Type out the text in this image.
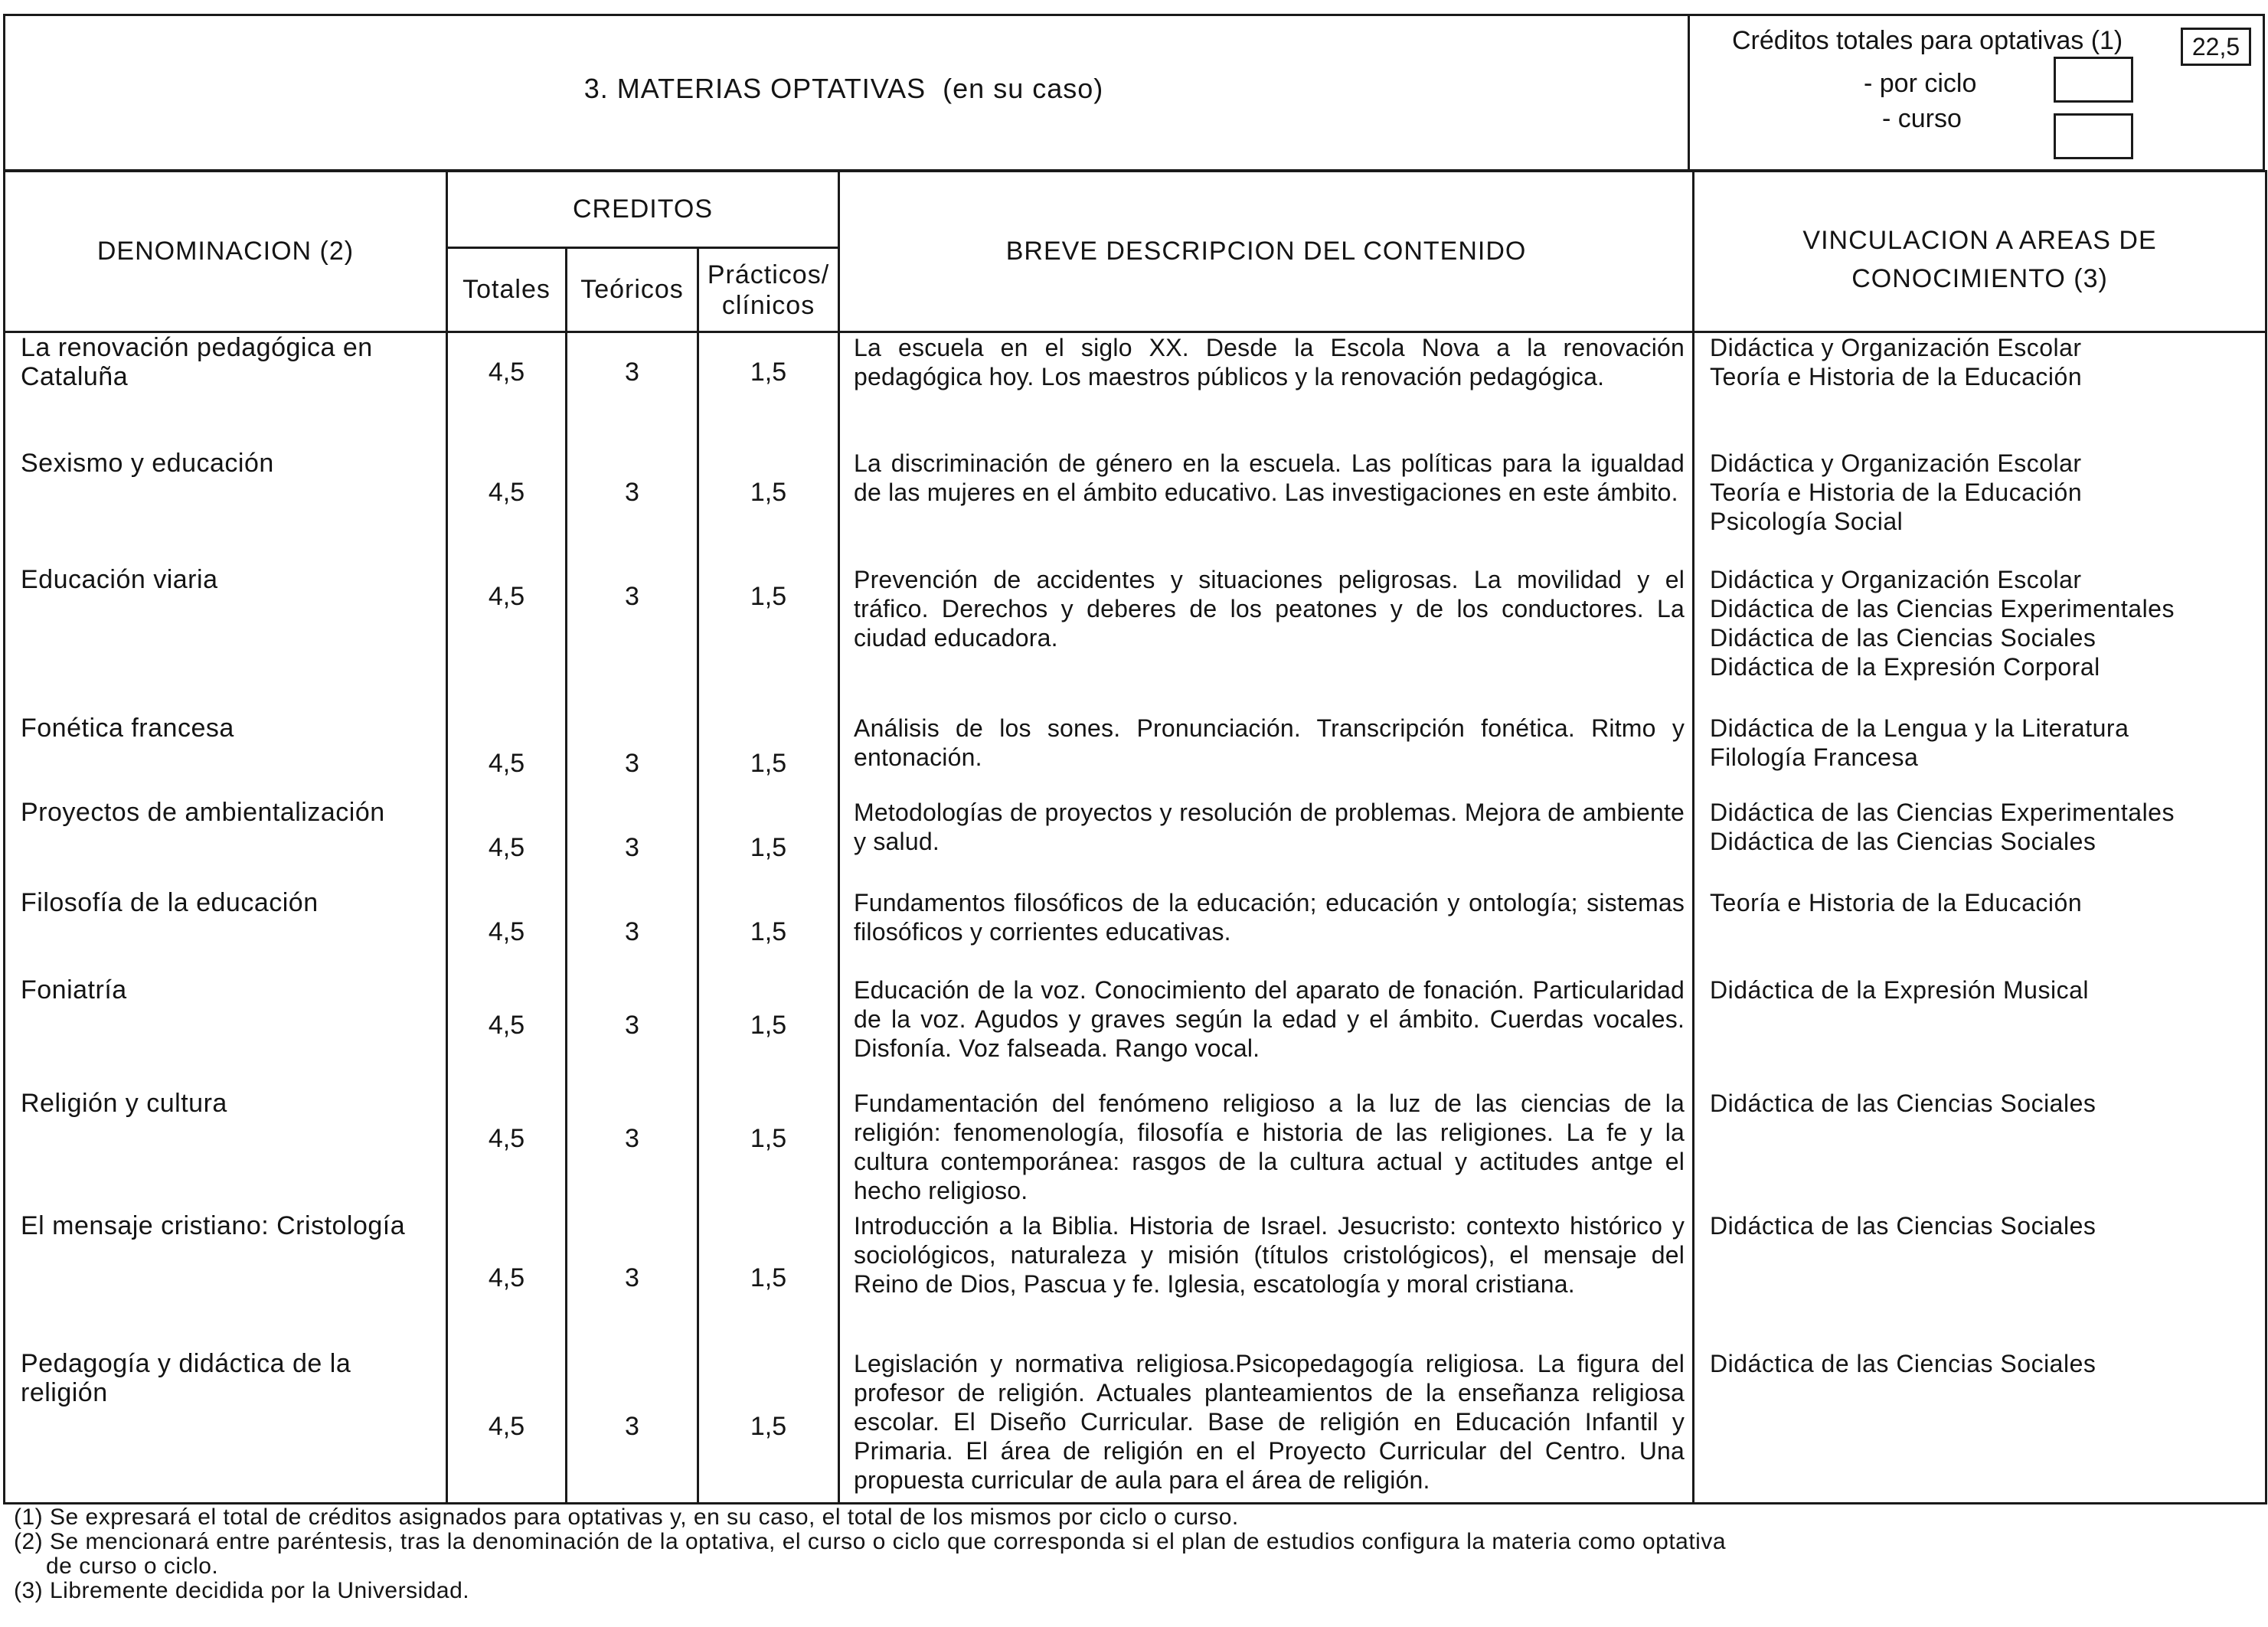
3. MATERIAS OPTATIVAS (en su caso)
Créditos totales para optativas (1)	22,5
- por ciclo
- curso
DENOMINACION (2)	CREDITOS			BREVE DESCRIPCION DEL CONTENIDO	VINCULACION A AREAS DE
CONOCIMIENTO (3)
	Totales	Teóricos	Prácticos/
clínicos		
La renovación pedagógica en Cataluña	4,5	3	1,5	La escuela en el siglo XX. Desde la Escola Nova a la renovación pedagógica hoy. Los maestros públicos y la renovación pedagógica.	Didáctica y Organización Escolar
Teoría e Historia de la Educación

Sexismo y educación	4,5	3	1,5	La discriminación de género en la escuela. Las políticas para la igualdad de las mujeres en el ámbito educativo. Las investigaciones en este ámbito.	Didáctica y Organización Escolar
Teoría e Historia de la Educación
Psicología Social

Educación viaria	4,5	3	1,5	Prevención de accidentes y situaciones peligrosas. La movilidad y el tráfico. Derechos y deberes de los peatones y de los conductores. La ciudad educadora.	Didáctica y Organización Escolar
Didáctica de las Ciencias Experimentales
Didáctica de las Ciencias Sociales
Didáctica de la Expresión Corporal

Fonética francesa	4,5	3	1,5	Análisis de los sones. Pronunciación. Transcripción fonética. Ritmo y entonación.	Didáctica de la Lengua y la Literatura
Filología Francesa

Proyectos de ambientalización	4,5	3	1,5	Metodologías de proyectos y resolución de problemas. Mejora de ambiente y salud.	Didáctica de las Ciencias Experimentales
Didáctica de las Ciencias Sociales

Filosofía de la educación	4,5	3	1,5	Fundamentos filosóficos de la educación; educación y ontología; sistemas filosóficos y corrientes educativas.	Teoría e Historia de la Educación

Foniatría	4,5	3	1,5	Educación de la voz. Conocimiento del aparato de fonación. Particularidad de la voz. Agudos y graves según la edad y el ámbito. Cuerdas vocales. Disfonía. Voz falseada. Rango vocal.	Didáctica de la Expresión Musical

Religión y cultura	4,5	3	1,5	Fundamentación del fenómeno religioso a la luz de las ciencias de la religión: fenomenología, filosofía e historia de las religiones. La fe y la cultura contemporánea: rasgos de la cultura actual y actitudes antge el hecho religioso.	Didáctica de las Ciencias Sociales

El mensaje cristiano: Cristología	4,5	3	1,5	Introducción a la Biblia. Historia de Israel. Jesucristo: contexto histórico y sociológicos, naturaleza y misión (títulos cristológicos), el mensaje del Reino de Dios, Pascua y fe. Iglesia, escatología y moral cristiana.	Didáctica de las Ciencias Sociales

Pedagogía y didáctica de la religión	4,5	3	1,5	Legislación y normativa religiosa.Psicopedagogía religiosa. La figura del profesor de religión. Actuales planteamientos de la enseñanza religiosa escolar. El Diseño Curricular. Base de religión en Educación Infantil y Primaria. El área de religión en el Proyecto Curricular del Centro. Una propuesta curricular de aula para el área de religión.	Didáctica de las Ciencias Sociales
(1) Se expresará el total de créditos asignados para optativas y, en su caso, el total de los mismos por ciclo o curso.
(2) Se mencionará entre paréntesis, tras la denominación de la optativa, el curso o ciclo que corresponda si el plan de estudios configura la materia como optativa
de curso o ciclo.
(3) Libremente decidida por la Universidad.
